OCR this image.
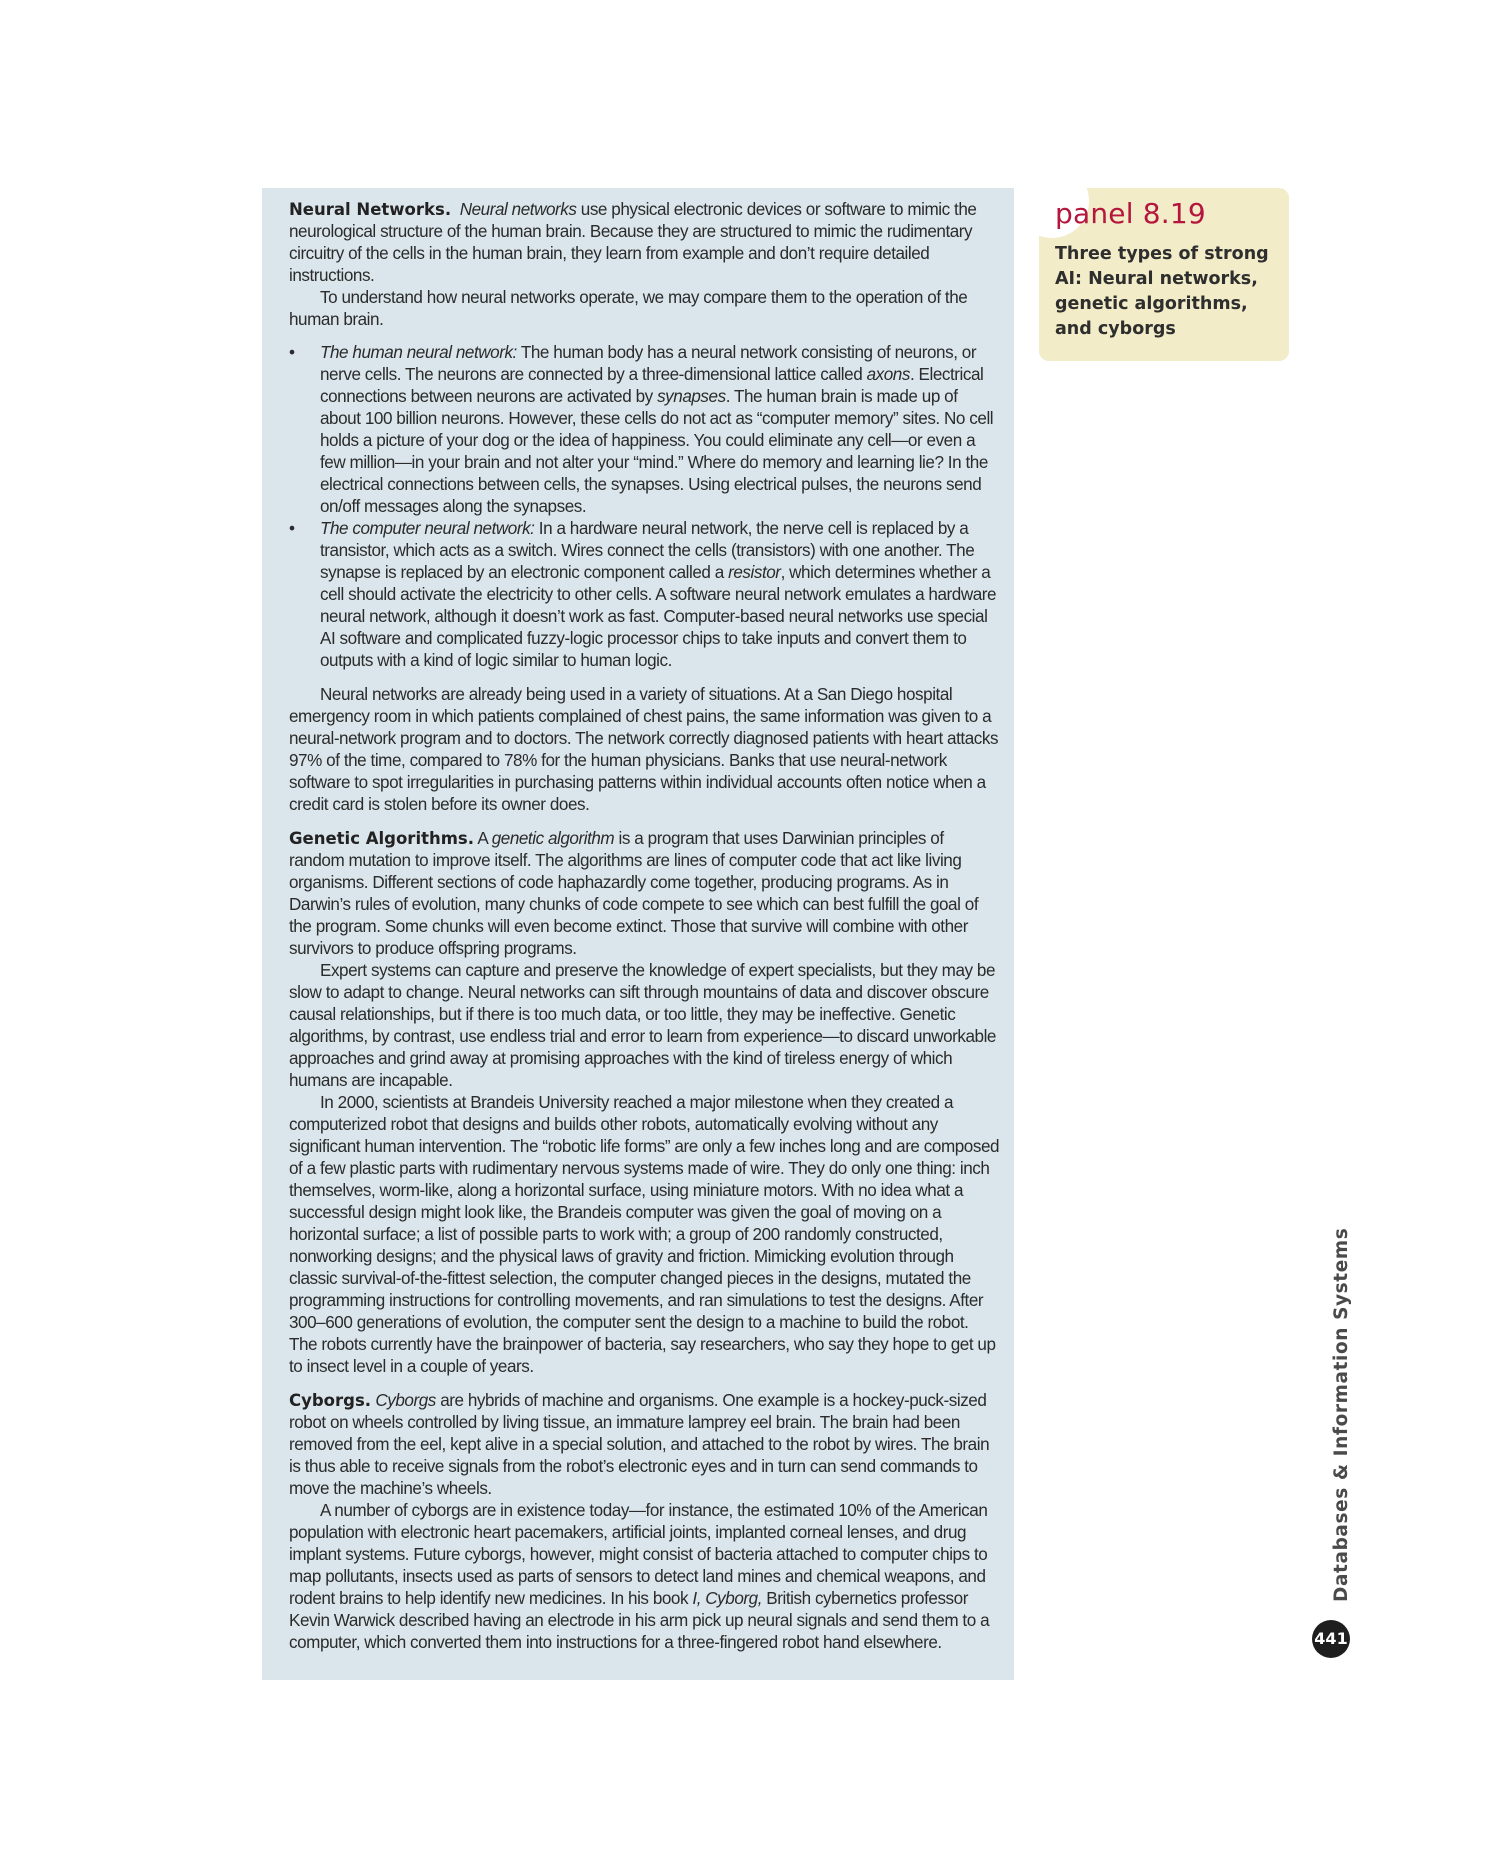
Neural Networks. Neural networks use physical electronic devices or software to mimic the neurological structure of the human brain. Because they are structured to mimic the rudimentary circuitry of the cells in the human brain, they learn from example and don’t require detailed instructions.

To understand how neural networks operate, we may compare them to the operation of the human brain.

• The human neural network: The human body has a neural network consisting of neurons, or nerve cells. The neurons are connected by a three-dimensional lattice called axons. Electrical connections between neurons are activated by synapses. The human brain is made up of about 100 billion neurons. However, these cells do not act as “computer memory” sites. No cell holds a picture of your dog or the idea of happiness. You could eliminate any cell—or even a few million—in your brain and not alter your “mind.” Where do memory and learning lie? In the electrical connections between cells, the synapses. Using electrical pulses, the neurons send on/off messages along the synapses.
• The computer neural network: In a hardware neural network, the nerve cell is replaced by a transistor, which acts as a switch. Wires connect the cells (transistors) with one another. The synapse is replaced by an electronic component called a resistor, which determines whether a cell should activate the electricity to other cells. A software neural network emulates a hardware neural network, although it doesn’t work as fast. Computer-based neural networks use special AI software and complicated fuzzy-logic processor chips to take inputs and convert them to outputs with a kind of logic similar to human logic.

Neural networks are already being used in a variety of situations. At a San Diego hospital emergency room in which patients complained of chest pains, the same information was given to a neural-network program and to doctors. The network correctly diagnosed patients with heart attacks 97% of the time, compared to 78% for the human physicians. Banks that use neural-network software to spot irregularities in purchasing patterns within individual accounts often notice when a credit card is stolen before its owner does.

Genetic Algorithms. A genetic algorithm is a program that uses Darwinian principles of random mutation to improve itself. The algorithms are lines of computer code that act like living organisms. Different sections of code haphazardly come together, producing programs. As in Darwin’s rules of evolution, many chunks of code compete to see which can best fulfill the goal of the program. Some chunks will even become extinct. Those that survive will combine with other survivors to produce offspring programs.

Expert systems can capture and preserve the knowledge of expert specialists, but they may be slow to adapt to change. Neural networks can sift through mountains of data and discover obscure causal relationships, but if there is too much data, or too little, they may be ineffective. Genetic algorithms, by contrast, use endless trial and error to learn from experience—to discard unworkable approaches and grind away at promising approaches with the kind of tireless energy of which humans are incapable.

In 2000, scientists at Brandeis University reached a major milestone when they created a computerized robot that designs and builds other robots, automatically evolving without any significant human intervention. The “robotic life forms” are only a few inches long and are composed of a few plastic parts with rudimentary nervous systems made of wire. They do only one thing: inch themselves, worm-like, along a horizontal surface, using miniature motors. With no idea what a successful design might look like, the Brandeis computer was given the goal of moving on a horizontal surface; a list of possible parts to work with; a group of 200 randomly constructed, nonworking designs; and the physical laws of gravity and friction. Mimicking evolution through classic survival-of-the-fittest selection, the computer changed pieces in the designs, mutated the programming instructions for controlling movements, and ran simulations to test the designs. After 300–600 generations of evolution, the computer sent the design to a machine to build the robot. The robots currently have the brainpower of bacteria, say researchers, who say they hope to get up to insect level in a couple of years.

Cyborgs. Cyborgs are hybrids of machine and organisms. One example is a hockey-puck-sized robot on wheels controlled by living tissue, an immature lamprey eel brain. The brain had been removed from the eel, kept alive in a special solution, and attached to the robot by wires. The brain is thus able to receive signals from the robot’s electronic eyes and in turn can send commands to move the machine’s wheels.

A number of cyborgs are in existence today—for instance, the estimated 10% of the American population with electronic heart pacemakers, artificial joints, implanted corneal lenses, and drug implant systems. Future cyborgs, however, might consist of bacteria attached to computer chips to map pollutants, insects used as parts of sensors to detect land mines and chemical weapons, and rodent brains to help identify new medicines. In his book I, Cyborg, British cybernetics professor Kevin Warwick described having an electrode in his arm pick up neural signals and send them to a computer, which converted them into instructions for a three-fingered robot hand elsewhere.

panel 8.19
Three types of strong AI: Neural networks, genetic algorithms, and cyborgs
Databases & Information Systems
441
